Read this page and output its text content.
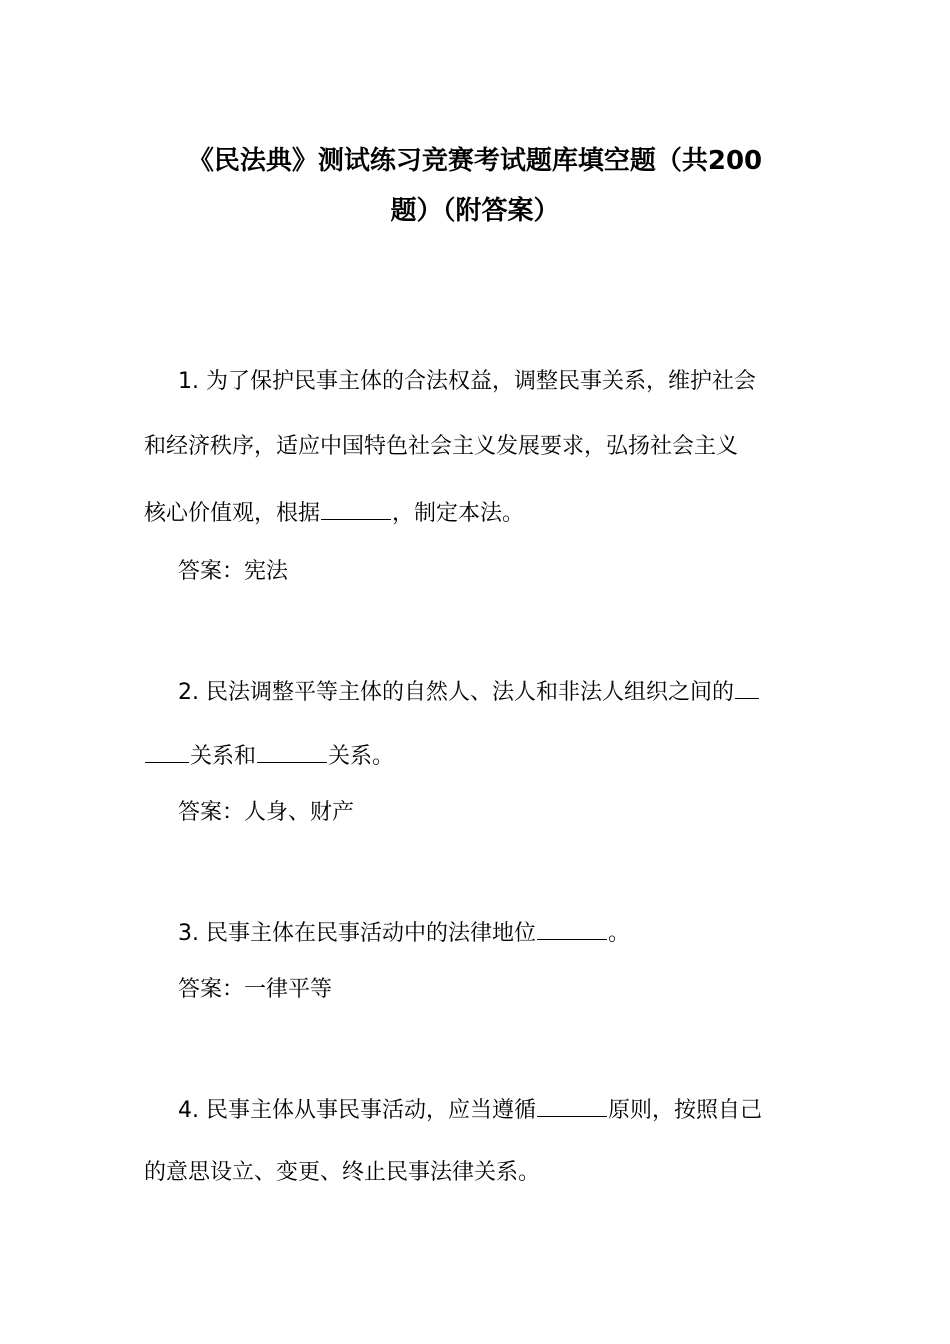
《民法典》测试练习竞赛考试题库填空题（共200
题）（附答案）
1. 为了保护民事主体的合法权益，调整民事关系，维护社会
和经济秩序，适应中国特色社会主义发展要求，弘扬社会主义
核心价值观，根据	，制定本法。
答案：宪法
2. 民法调整平等主体的自然人、法人和非法人组织之间的
关系和	关系。
答案：人身、财产
3. 民事主体在民事活动中的法律地位	。
答案：一律平等
4. 民事主体从事民事活动，应当遵循	原则，按照自己
的意思设立、变更、终止民事法律关系。
